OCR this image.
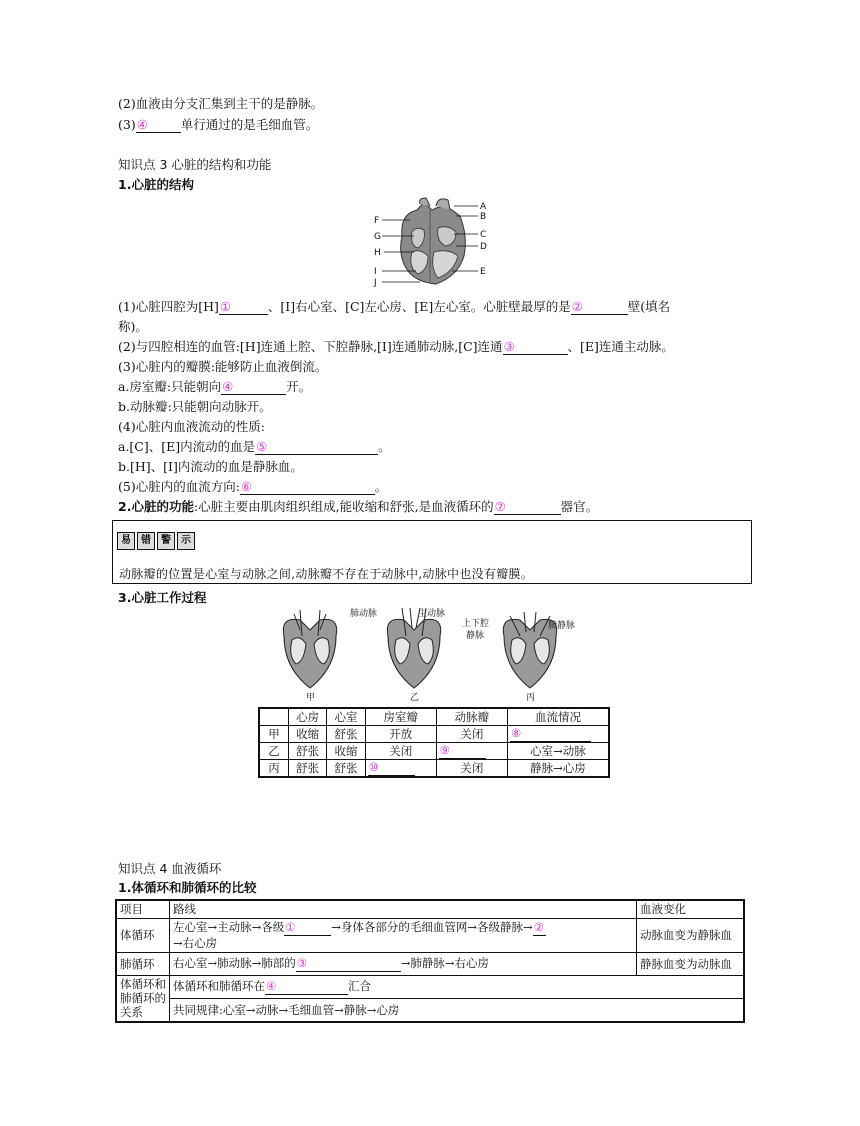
(2)血液由分支汇集到主干的是静脉。
(3)④	单行通过的是毛细血管。
知识点 3 心脏的结构和功能
1.心脏的结构
A
B
C
D
E
F
G
H
I
J
(1)心脏四腔为[H]①	、[I]右心室、[C]左心房、[E]左心室。心脏壁最厚的是②	壁(填名
称)。
(2)与四腔相连的血管:[H]连通上腔、下腔静脉,[I]连通肺动脉,[C]连通③	、[E]连通主动脉。
(3)心脏内的瓣膜:能够防止血液倒流。
a.房室瓣:只能朝向④	开。
b.动脉瓣:只能朝向动脉开。
(4)心脏内血液流动的性质:
a.[C]、[E]内流动的血是⑤	。
b.[H]、[I]内流动的血是静脉血。
(5)心脏内的血流方向:⑥	。
2.心脏的功能:心脏主要由肌肉组织组成,能收缩和舒张,是血液循环的⑦	器官。
易	错	警	示
动脉瓣的位置是心室与动脉之间,动脉瓣不存在于动脉中,动脉中也没有瓣膜。
3.心脏工作过程
肺动脉	主动脉
上下腔
静脉
肺静脉
甲	乙	丙
	心房	心室	房室瓣	动脉瓣	血流情况
甲	收缩	舒张	开放	关闭	⑧
乙	舒张	收缩	关闭	⑨	心室→动脉
丙	舒张	舒张	⑩	关闭	静脉→心房
知识点 4 血液循环
1.体循环和肺循环的比较
项目	路线	血液变化
体循环	左心室→主动脉→各级① →身体各部分的毛细血管网→各级静脉→②
→右心房	动脉血变为静脉血
肺循环	右心室→肺动脉→肺部的③ →肺静脉→右心房	静脉血变为动脉血
体循环和肺循环的关系	体循环和肺循环在④ 汇合	
	共同规律:心室→动脉→毛细血管→静脉→心房	
